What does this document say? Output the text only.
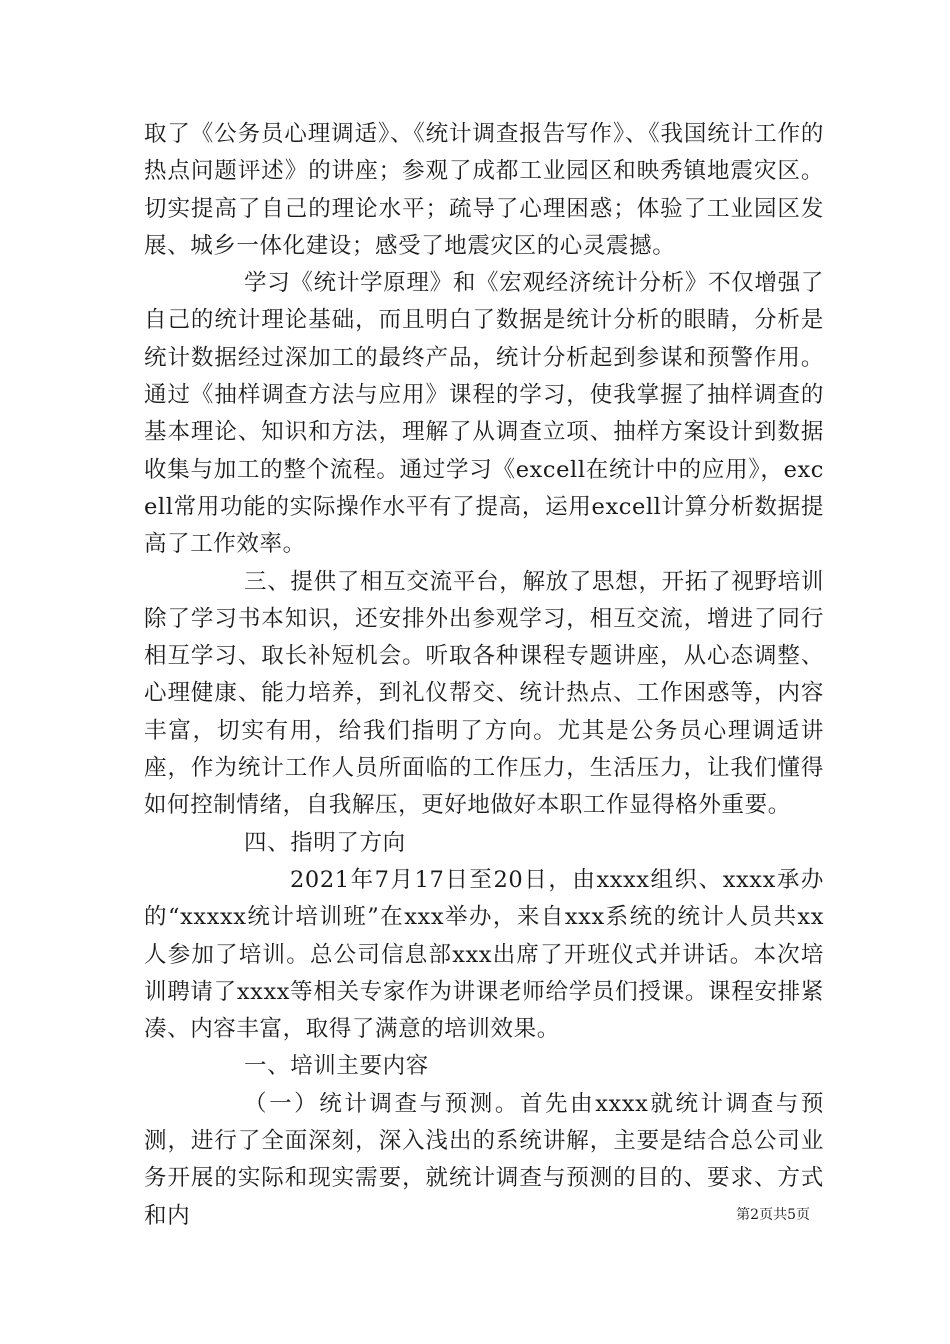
取了《公务员心理调适》、《统计调查报告写作》、《我国统计工作的热点问题评述》的讲座；参观了成都工业园区和映秀镇地震灾区。切实提高了自己的理论水平；疏导了心理困惑；体验了工业园区发展、城乡一体化建设；感受了地震灾区的心灵震撼。

学习《统计学原理》和《宏观经济统计分析》不仅增强了自己的统计理论基础，而且明白了数据是统计分析的眼睛，分析是统计数据经过深加工的最终产品，统计分析起到参谋和预警作用。通过《抽样调查方法与应用》课程的学习，使我掌握了抽样调查的基本理论、知识和方法，理解了从调查立项、抽样方案设计到数据收集与加工的整个流程。通过学习《excell在统计中的应用》，excell常用功能的实际操作水平有了提高，运用excell计算分析数据提高了工作效率。

三、提供了相互交流平台，解放了思想，开拓了视野培训除了学习书本知识，还安排外出参观学习，相互交流，增进了同行相互学习、取长补短机会。听取各种课程专题讲座，从心态调整、心理健康、能力培养，到礼仪帮交、统计热点、工作困惑等，内容丰富，切实有用，给我们指明了方向。尤其是公务员心理调适讲座，作为统计工作人员所面临的工作压力，生活压力，让我们懂得如何控制情绪，自我解压，更好地做好本职工作显得格外重要。

四、指明了方向

2021年7月17日至20日，由xxxx组织、xxxx承办的“xxxxx统计培训班”在xxx举办，来自xxx系统的统计人员共xx人参加了培训。总公司信息部xxx出席了开班仪式并讲话。本次培训聘请了xxxx等相关专家作为讲课老师给学员们授课。课程安排紧凑、内容丰富，取得了满意的培训效果。

一、培训主要内容

（一）统计调查与预测。首先由xxxx就统计调查与预测，进行了全面深刻，深入浅出的系统讲解，主要是结合总公司业务开展的实际和现实需要，就统计调查与预测的目的、要求、方式和内	第2页共5页
